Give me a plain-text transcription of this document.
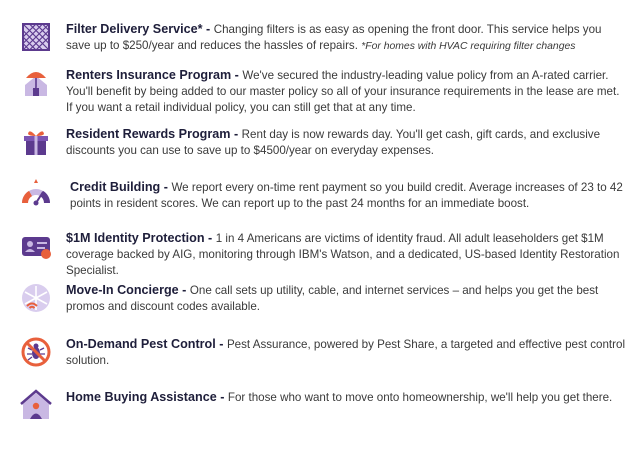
Filter Delivery Service* - Changing filters is as easy as opening the front door. This service helps you save up to $250/year and reduces the hassles of repairs. *For homes with HVAC requiring filter changes
Renters Insurance Program - We've secured the industry-leading value policy from an A-rated carrier. You'll benefit by being added to our master policy so all of your insurance requirements in the lease are met. If you want a retail individual policy, you can still get that at any time.
Resident Rewards Program - Rent day is now rewards day. You'll get cash, gift cards, and exclusive discounts you can use to save up to $4500/year on everyday expenses.
Credit Building - We report every on-time rent payment so you build credit. Average increases of 23 to 42 points in resident scores. We can report up to the past 24 months for an immediate boost.
$1M Identity Protection - 1 in 4 Americans are victims of identity fraud. All adult leaseholders get $1M coverage backed by AIG, monitoring through IBM's Watson, and a dedicated, US-based Identity Restoration Specialist.
Move-In Concierge - One call sets up utility, cable, and internet services – and helps you get the best promos and discount codes available.
On-Demand Pest Control - Pest Assurance, powered by Pest Share, a targeted and effective pest control solution.
Home Buying Assistance - For those who want to move onto homeownership, we'll help you get there.
